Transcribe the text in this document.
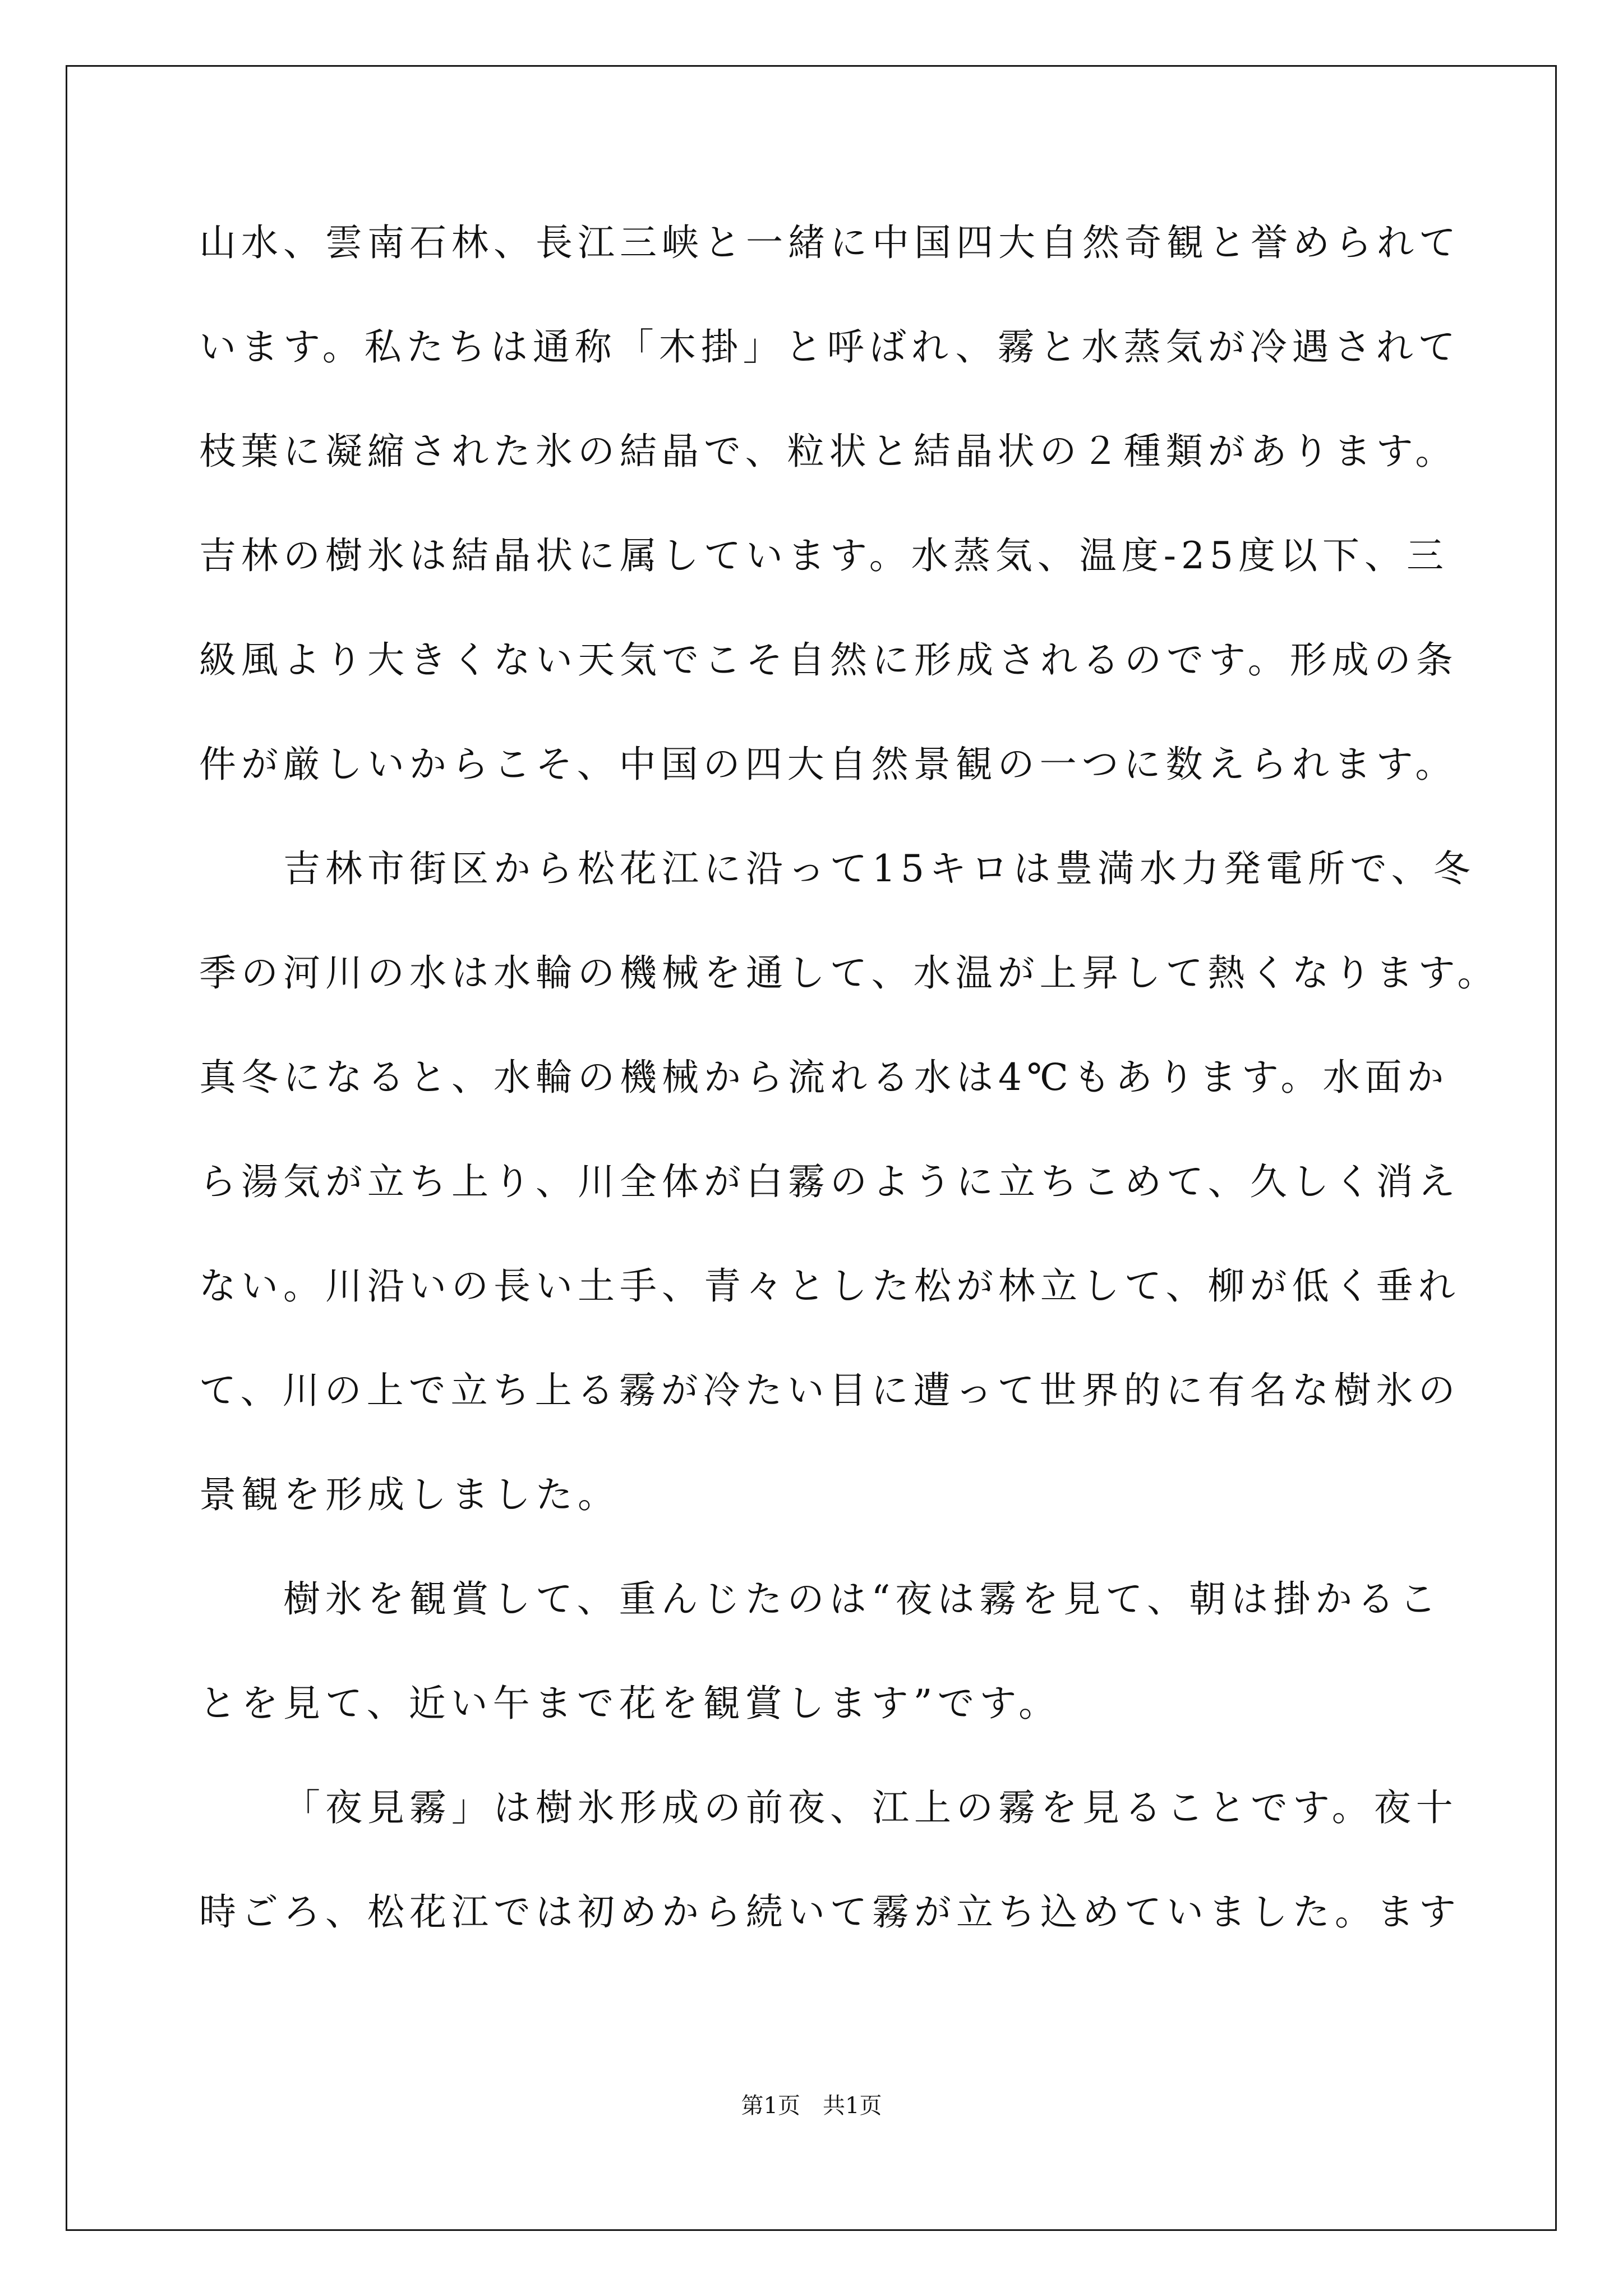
山水、雲南石林、長江三峡と一緒に中国四大自然奇観と誉められて
います。私たちは通称「木掛」と呼ばれ、霧と水蒸気が冷遇されて
枝葉に凝縮された氷の結晶で、粒状と結晶状の２種類があります。
吉林の樹氷は結晶状に属しています。水蒸気、温度-25度以下、三
級風より大きくない天気でこそ自然に形成されるのです。形成の条
件が厳しいからこそ、中国の四大自然景観の一つに数えられます。
吉林市街区から松花江に沿って15キロは豊満水力発電所で、冬
季の河川の水は水輪の機械を通して、水温が上昇して熱くなります。
真冬になると、水輪の機械から流れる水は4℃もあります。水面か
ら湯気が立ち上り、川全体が白霧のように立ちこめて、久しく消え
ない。川沿いの長い土手、青々とした松が林立して、柳が低く垂れ
て、川の上で立ち上る霧が冷たい目に遭って世界的に有名な樹氷の
景観を形成しました。
樹氷を観賞して、重んじたのは“夜は霧を見て、朝は掛かるこ
とを見て、近い午まで花を観賞します”です。
「夜見霧」は樹氷形成の前夜、江上の霧を見ることです。夜十
時ごろ、松花江では初めから続いて霧が立ち込めていました。ます
第1页　共1页
